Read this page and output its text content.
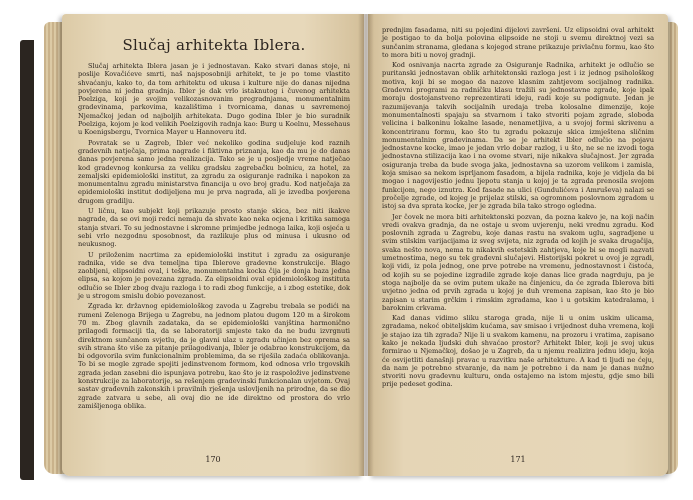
Slučaj arhitekta Iblera.

Slučaj arhitekta Iblera jasan je i jednostavan. Kako stvari danas stoje, ni poslije Kovačićeve smrti, naš najsposobniji arhitekt, te je po tome vlastito shvaćanju, kako to, da tom arhitektu od ukusa i kulture nije do danas nijedna povjerena ni jedna gradnja. Ibler je dak vrlo istaknutog i čuvenog arhitekta Poelziga, koji je svojim velikozasnovanim pregradnjama, monumentalnim gradevinama, parkovima, kazalištima i tvornicama, danas u savremenoj Njemačkoj jedan od najboljih arhitekata. Dugo godina Ibler je bio suradnik Poelziga, kojom je kod velikih Poelzigovih radnja kao: Burg u Koelnu, Messehaus u Koenigsbergu, Tvornica Mayer u Hannoveru itd.

Povratak se u Zagreb, Ibler već nekoliko godina sudjeluje kod raznih gradevnih natječaja, prima nagrade i fiktivna priznanja, kao da mu je do danas danas povjerena samo jedna realizacija. Tako se je u posljedje vreme natječao kod gradevnog konkursa za veliku gradsku zagrebačku bolnicu, za hotel, za zemaljski epidemiološki institut, za zgradu za osiguranje radnika i napokon za monumentalnu zgradu ministarstva financija u ovo broj gradu. Kod natječaja za epidemiološki institut dodijeljena mu je prva nagrada, ali je izvedba povjerena drugom gradilju.

U ličnu, kao subjekt koji prikazuje prosto stanje skica, bez niti ikakve nagrade, da se ovi moji redci nemaju da shvate kao neka ocjena i kritika samoga stanja stvari. To su jednostavne i skromne primjedbe jednoga laika, koji osjeća u sebi vrlo nezgodnu sposobnost, da razlikuje plus od minusa i ukusno od neukusnog.

U priloženim nacrtima za epidemiološki institut i zgradu za osiguranje radnika, vide se dva temeljna tipa Iblerove gradevne konstrukcije. Blago zaobljeni, elipsoidni oval, i teške, monumentalna kocka čija je donja baza jedna elipsa, sa kojom je povezana zgrada. Za elipsoidni oval epidemiološkog instituta odlučio se Ibler zbog dvaju razloga i to radi zbog funkcije, a i zbog estetike, dok je u strogom smislu dobio povezanost.

Zgrada kr. državnog epidemiološkog zavoda u Zagrebu trebala se podići na rumeni Zelenoga Brijega u Zagrebu, na jednom platou dugom 120 m a širokom 70 m. Zbog glavnih zadataka, da se epidemiološki vanjština harmonično prilagodi formaciji tla, da se laboratoriji smjeste tako da ne budu izvrgnuti direktnom sunčanom svjetlu, da je glavni ulaz u zgradu učinjen bez oprema sa svih strana što više za pitanje prilagodivanja, Ibler je odabrao konstrukcijom, da bi odgovorila svim funkcionalnim problemima, da se riješila zadaća oblikovanja. To bi se mogle zgrade spojiti jedinstvenom formom, kod odnosa vrlo trgovskih zgrada jedan zasebni dio ispunjava potrebu, kao što je iz raspoložive jedinstvene konstrukcije za laboratorije, sa rešenjem gradevinski funkcionalan uvjetom. Ovaj sastav građevnih zakonskih i pravilnih rješenja uslovljenih na prirodne, da se dio zgrade zatvara u sebe, ali ovaj dio ne ide direktno od prostora do vrlo zamišljenoga oblika.

170

prednjim fasadama, niti su pojedini dijelovi završeni. Uz elipsoidni oval arhitekt je postigao to da bolja polovina elipsoide ne stoji u svemu direktnoj vezi sa sunčanim stranama, gledana s kojegod strane prikazuje privlačnu formu, kao što to mora biti u novoj gradnji.

Kod osnivanja nacrta zgrade za Osiguranje Radnika, arhitekt je odlučio se puritanski jednostavan oblik arhitektonski razloga jest i iz jednog psihološkog motiva, koji bi se mogao da nazove klasnim zahtjevom socijalnog radnika. Gradevni programi za radničku klasu tražili su jednostavne zgrade, koje ipak moraju dostojanstveno reprezentirati ideju, radi koje su podignute. Jedan je razumijevanja takvih socijalnih uredaja treba kolosalne dimenzije, koje monumentalnosti spajaju sa stvarnom i tako stvoriti pojam zgrade, sloboda velicina i balkoninu lokalne lasade, nenametljiva, a u svojoj formi skrivenu a koncentriranu formu, kao što tu zgradu pokazuje skica izmještena sličnim monumentalnim gradevinama. Da se je arhitekt Ibler odlučio na pojavu jednostavne kocke, imao je jedan vrlo dobar razlog, i u što, ne se ne izvodi toga jednostavna stilizacija kao i na ovome stvari, nije nikakva slučajnost. Jer zgrada osiguranja treba da bude svoga jaka, jednostavna sa uzorom velikom i zamisla, koja smisao sa nekom isprljanom fasadom, a bijela radnika, koje je vidjela da bi mogao i nagovijestio jednu ljepotu stanja u kojoj je ta zgrada prenosila svojom funkcijom, nego iznutra. Kod fasade na ulici (Gundulićeva i Amruševa) nalazi se pročelje zgrade, od kojeg je prijelaz stilski, sa ogromnom poslovnom zgradom u istoj sa dva sprata kocke, jer je zgrada bila tako strogo ogledna.

Jer čovek ne mora biti arhitektonski pozvan, da pozna kakvo je, na koji način vredi ovakva gradnja, da ne ostaje u svom uvjerenju, neki vrednu zgradu. Kod poslovnih zgrada u Zagrebu, koje danas rastu na svakom uglu, sagradjene u svim stilskim varijacijama iz sveg svijeta, niz zgrada od kojih je svaka drugačija, svaka nešto nova, nema tu nikakvih estetskih zahtjeva, koje bi se mogli nazvati umetnostima, nego su tek građevni slučajevi. Historijski pokret u ovoj je zgradi, koji vidi, iz pola jednog, one prve potrebe na vremenu, jednostavnost i čistoća, od kojih su se pojedine izgradile zgrade koje danas lice grada nagrduju, pa je stoga najbolje da se ovim putem ukaže na činjenicu, da će zgrada Iblerova biti uvjetno jedna od prvih zgrada u kojoj je duh vremena zapisan, kao što je bio zapisan u starim grčkim i rimskim zgradama, kao i u gotskim katedralama, i baroknim crkvama.

Kad danas vidimo sliku staroga grada, nije li u onim uskim ulicama, zgradama, nekoć obiteljskim kućama, sav smisao i vrijednost duha vremena, koji je stajao iza tih zgrada? Nije li u svakom kamenu, na prozoru i vratima, zapisano kako je nekada ljudski duh shvaćao prostor? Arhitekt Ibler, koji je svoj ukus formirao u Njemačkoj, došao je u Zagreb, da u njemu realizira jednu ideju, koja će osvijetliti današnji pravac u razvitku naše arhitekture. A kad ti ljudi ne ćeju, da nam je potrebno stvaranje, da nam je potrebno i da nam je danas nužno stvoriti novu građevnu kulturu, onda ostajemo na istom mjestu, gdje smo bili prije pedeset godina.

171
